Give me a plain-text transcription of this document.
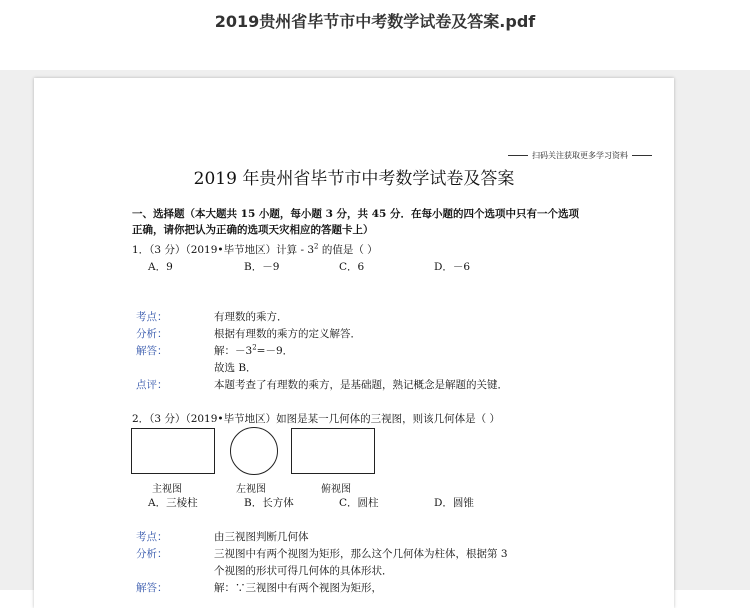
2019贵州省毕节市中考数学试卷及答案.pdf
扫码关注获取更多学习资料
2019 年贵州省毕节市中考数学试卷及答案
一、选择题（本大题共 15 小题，每小题 3 分，共 45 分．在每小题的四个选项中只有一个选项正确，请你把认为正确的选项天灾相应的答题卡上）
1．（3 分）（2019•毕节地区）计算 - $3^2$ 的值是（ ）
A．9	B．－9	C．6	D．－6
考点：	有理数的乘方．
分析：	根据有理数的乘方的定义解答．
解答：	解：$-3^2=-9$．
故选 B．
点评：	本题考查了有理数的乘方，是基础题，熟记概念是解题的关键．
2．（3 分）（2019•毕节地区）如图是某一几何体的三视图，则该几何体是（ ）
主视图	左视图	俯视图
A．三棱柱	B．长方体	C．圆柱	D．圆锥
考点：	由三视图判断几何体
分析：	三视图中有两个视图为矩形，那么这个几何体为柱体，根据第 3
个视图的形状可得几何体的具体形状．
解答：	解：∵三视图中有两个视图为矩形，
